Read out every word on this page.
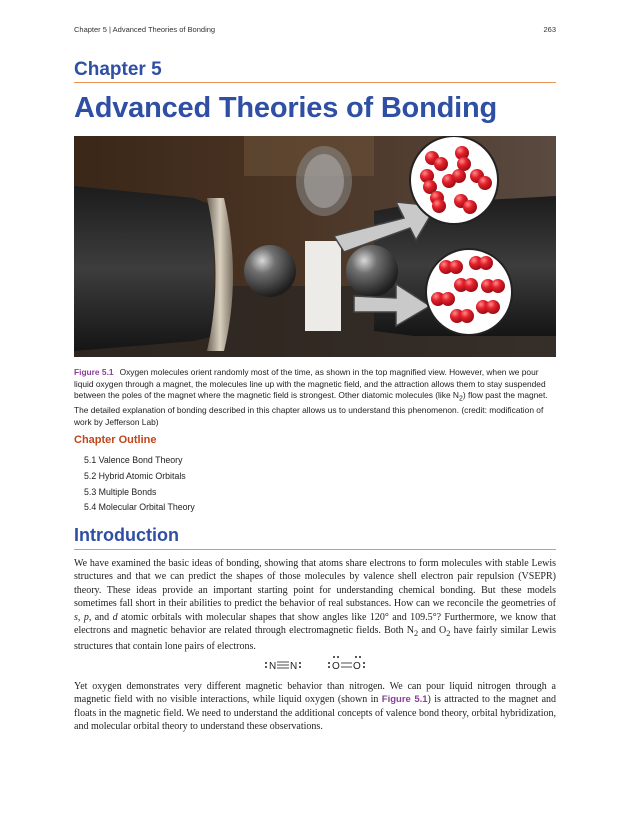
Chapter 5 | Advanced Theories of Bonding	263
Chapter 5
Advanced Theories of Bonding
Figure 5.1 Oxygen molecules orient randomly most of the time, as shown in the top magnified view. However, when we pour liquid oxygen through a magnet, the molecules line up with the magnetic field, and the attraction allows them to stay suspended between the poles of the magnet where the magnetic field is strongest. Other diatomic molecules (like $N_2$) flow past the magnet. The detailed explanation of bonding described in this chapter allows us to understand this phenomenon. (credit: modification of work by Jefferson Lab)
Chapter Outline
5.1 Valence Bond Theory
5.2 Hybrid Atomic Orbitals
5.3 Multiple Bonds
5.4 Molecular Orbital Theory
Introduction
We have examined the basic ideas of bonding, showing that atoms share electrons to form molecules with stable Lewis structures and that we can predict the shapes of those molecules by valence shell electron pair repulsion (VSEPR) theory. These ideas provide an important starting point for understanding chemical bonding. But these models sometimes fall short in their abilities to predict the behavior of real substances. How can we reconcile the geometries of s, p, and d atomic orbitals with molecular shapes that show angles like 120° and 109.5°? Furthermore, we know that electrons and magnetic behavior are related through electromagnetic fields. Both $N_2$ and $O_2$ have fairly similar Lewis structures that contain lone pairs of electrons.
N N	O O
Yet oxygen demonstrates very different magnetic behavior than nitrogen. We can pour liquid nitrogen through a magnetic field with no visible interactions, while liquid oxygen (shown in Figure 5.1) is attracted to the magnet and floats in the magnetic field. We need to understand the additional concepts of valence bond theory, orbital hybridization, and molecular orbital theory to understand these observations.
